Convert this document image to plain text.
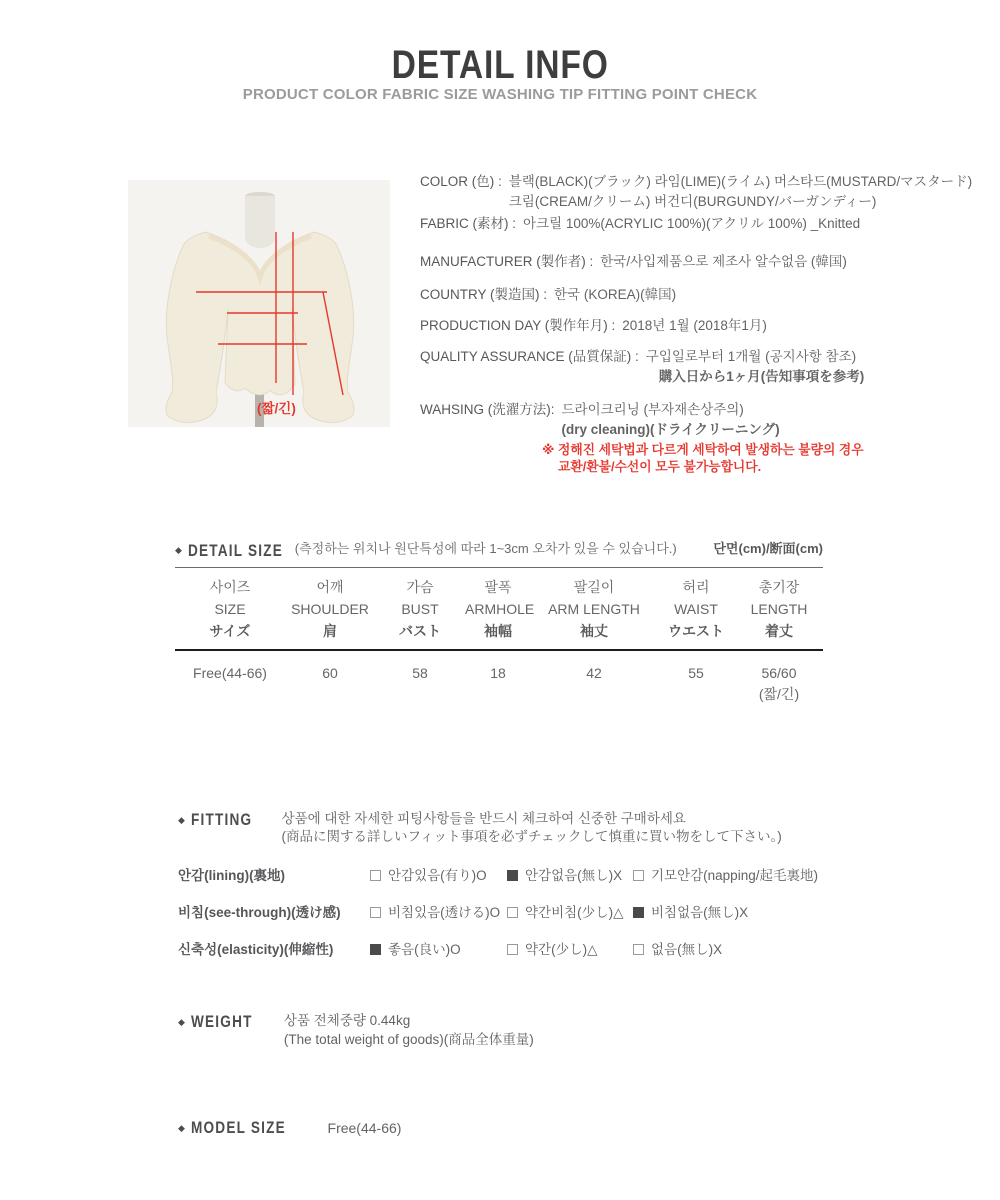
DETAIL INFO
PRODUCT COLOR FABRIC SIZE WASHING TIP FITTING POINT CHECK
(짧/긴)
COLOR (色) : 블랙(BLACK)(ブラック) 라임(LIME)(ライム) 머스타드(MUSTARD/マスタード)
크림(CREAM/クリーム) 버건디(BURGUNDY/バーガンディー)
FABRIC (素材) : 아크릴 100%(ACRYLIC 100%)(アクリル 100%) _Knitted
MANUFACTURER (製作者) : 한국/사입제품으로 제조사 알수없음 (韓国)
COUNTRY (製造国) : 한국 (KOREA)(韓国)
PRODUCTION DAY (製作年月) : 2018년 1월 (2018年1月)
QUALITY ASSURANCE (品質保証) : 구입일로부터 1개월 (공지사항 참조)
購入日から1ヶ月(告知事項を参考)
WAHSING (洗濯方法): 드라이크리닝 (부자재손상주의)
(dry cleaning)(ドライクリーニング)
※ 정해진 세탁법과 다르게 세탁하여 발생하는 불량의 경우
교환/환불/수선이 모두 불가능합니다.
◆ DETAIL SIZE (측정하는 위치나 원단특성에 따라 1~3cm 오차가 있을 수 있습니다.)	단면(cm)/断面(cm)
사이즈	어깨	가슴	팔폭	팔길이	허리	총기장
SIZE	SHOULDER	BUST	ARMHOLE	ARM LENGTH	WAIST	LENGTH
サイズ	肩	バスト	袖幅	袖丈	ウエスト	着丈

Free(44-66)	60	58	18	42	55	56/60
(짧/긴)
◆ FITTING 상품에 대한 자세한 피팅사항들을 반드시 체크하여 신중한 구매하세요
(商品に関する詳しいフィット事項を必ずチェックして慎重に買い物をして下さい。)
안감(lining)(裏地)	안감있음(有り)O	안감없음(無し)X	기모안감(napping/起毛裏地)
비침(see-through)(透け感)	비침있음(透ける)O	약간비침(少し)△	비침없음(無し)X
신축성(elasticity)(伸縮性)	좋음(良い)O	약간(少し)△	없음(無し)X
◆ WEIGHT 상품 전체중량 0.44kg
(The total weight of goods)(商品全体重量)
◆ MODEL SIZE	Free(44-66)
